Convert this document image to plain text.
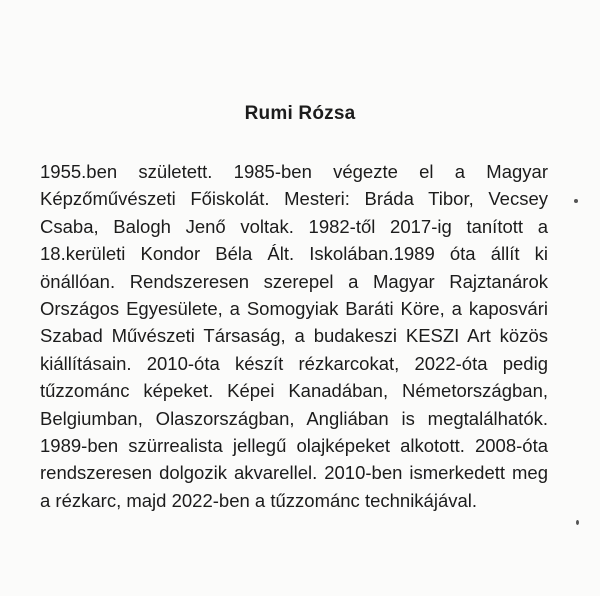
Rumi Rózsa
1955.ben született. 1985-ben végezte el a Magyar
Képzőművészeti Főiskolát. Mesteri: Bráda Tibor, Vecsey
Csaba, Balogh Jenő voltak. 1982-től 2017-ig tanított a
18.kerületi Kondor Béla Ált. Iskolában.1989 óta állít ki
önállóan. Rendszeresen szerepel a Magyar Rajztanárok
Országos Egyesülete, a Somogyiak Baráti Köre, a kaposvári
Szabad Művészeti Társaság, a budakeszi KESZI Art közös
kiállításain. 2010-óta készít rézkarcokat, 2022-óta pedig
tűzzománc képeket. Képei Kanadában, Németországban,
Belgiumban, Olaszországban, Angliában is megtalálhatók.
1989-ben szürrealista jellegű olajképeket alkotott. 2008-óta
rendszeresen dolgozik akvarellel. 2010-ben ismerkedett meg
a rézkarc, majd 2022-ben a tűzzománc technikájával.
